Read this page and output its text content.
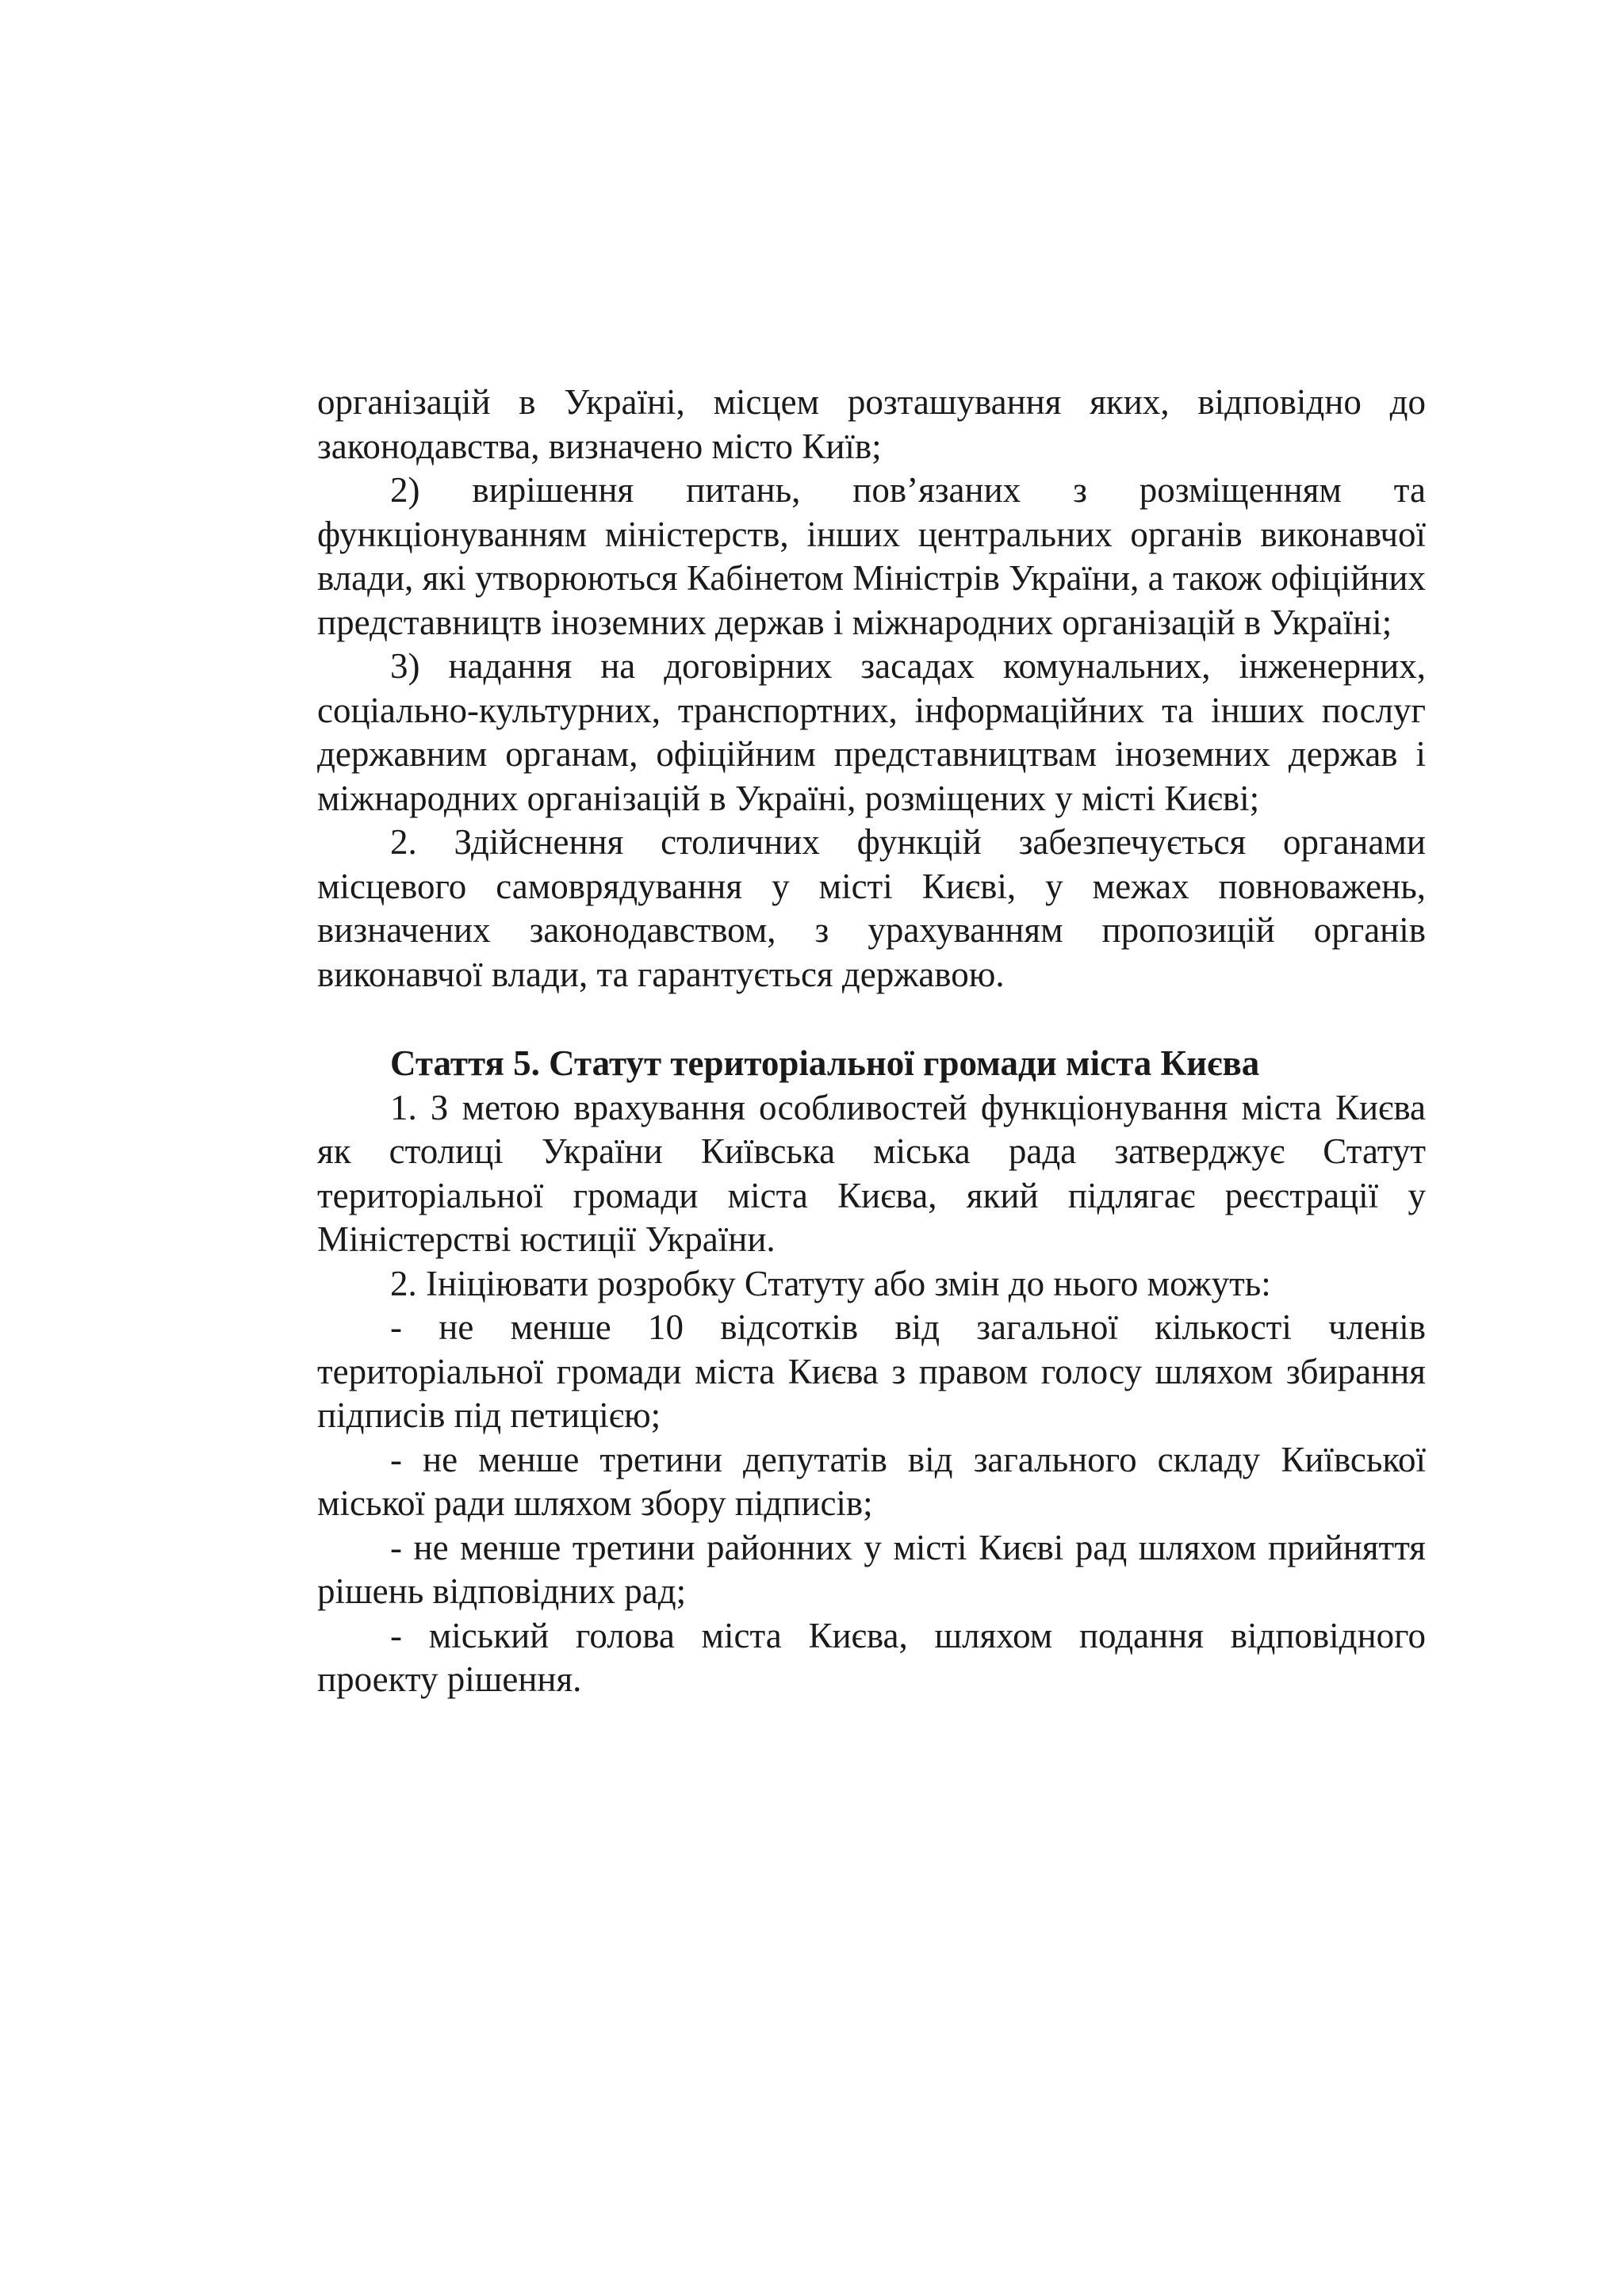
організацій в Україні, місцем розташування яких, відповідно до законодавства, визначено місто Київ;

2) вирішення питань, пов’язаних з розміщенням та функціонуванням міністерств, інших центральних органів виконавчої влади, які утворюються Кабінетом Міністрів України, а також офіційних представництв іноземних держав і міжнародних організацій в Україні;

3) надання на договірних засадах комунальних, інженерних, соціально-культурних, транспортних, інформаційних та інших послуг державним органам, офіційним представництвам іноземних держав і міжнародних організацій в Україні, розміщених у місті Києві;

2. Здійснення столичних функцій забезпечується органами місцевого самоврядування у місті Києві, у межах повноважень, визначених законодавством, з урахуванням пропозицій органів виконавчої влади, та гарантується державою.

Стаття 5. Статут територіальної громади міста Києва

1. З метою врахування особливостей функціонування міста Києва як столиці України Київська міська рада затверджує Статут територіальної громади міста Києва, який підлягає реєстрації у Міністерстві юстиції України.

2. Ініціювати розробку Статуту або змін до нього можуть:

- не менше 10 відсотків від загальної кількості членів територіальної громади міста Києва з правом голосу шляхом збирання підписів під петицією;

- не менше третини депутатів від загального складу Київської міської ради шляхом збору підписів;

- не менше третини районних у місті Києві рад шляхом прийняття рішень відповідних рад;

- міський голова міста Києва, шляхом подання відповідного проекту рішення.
